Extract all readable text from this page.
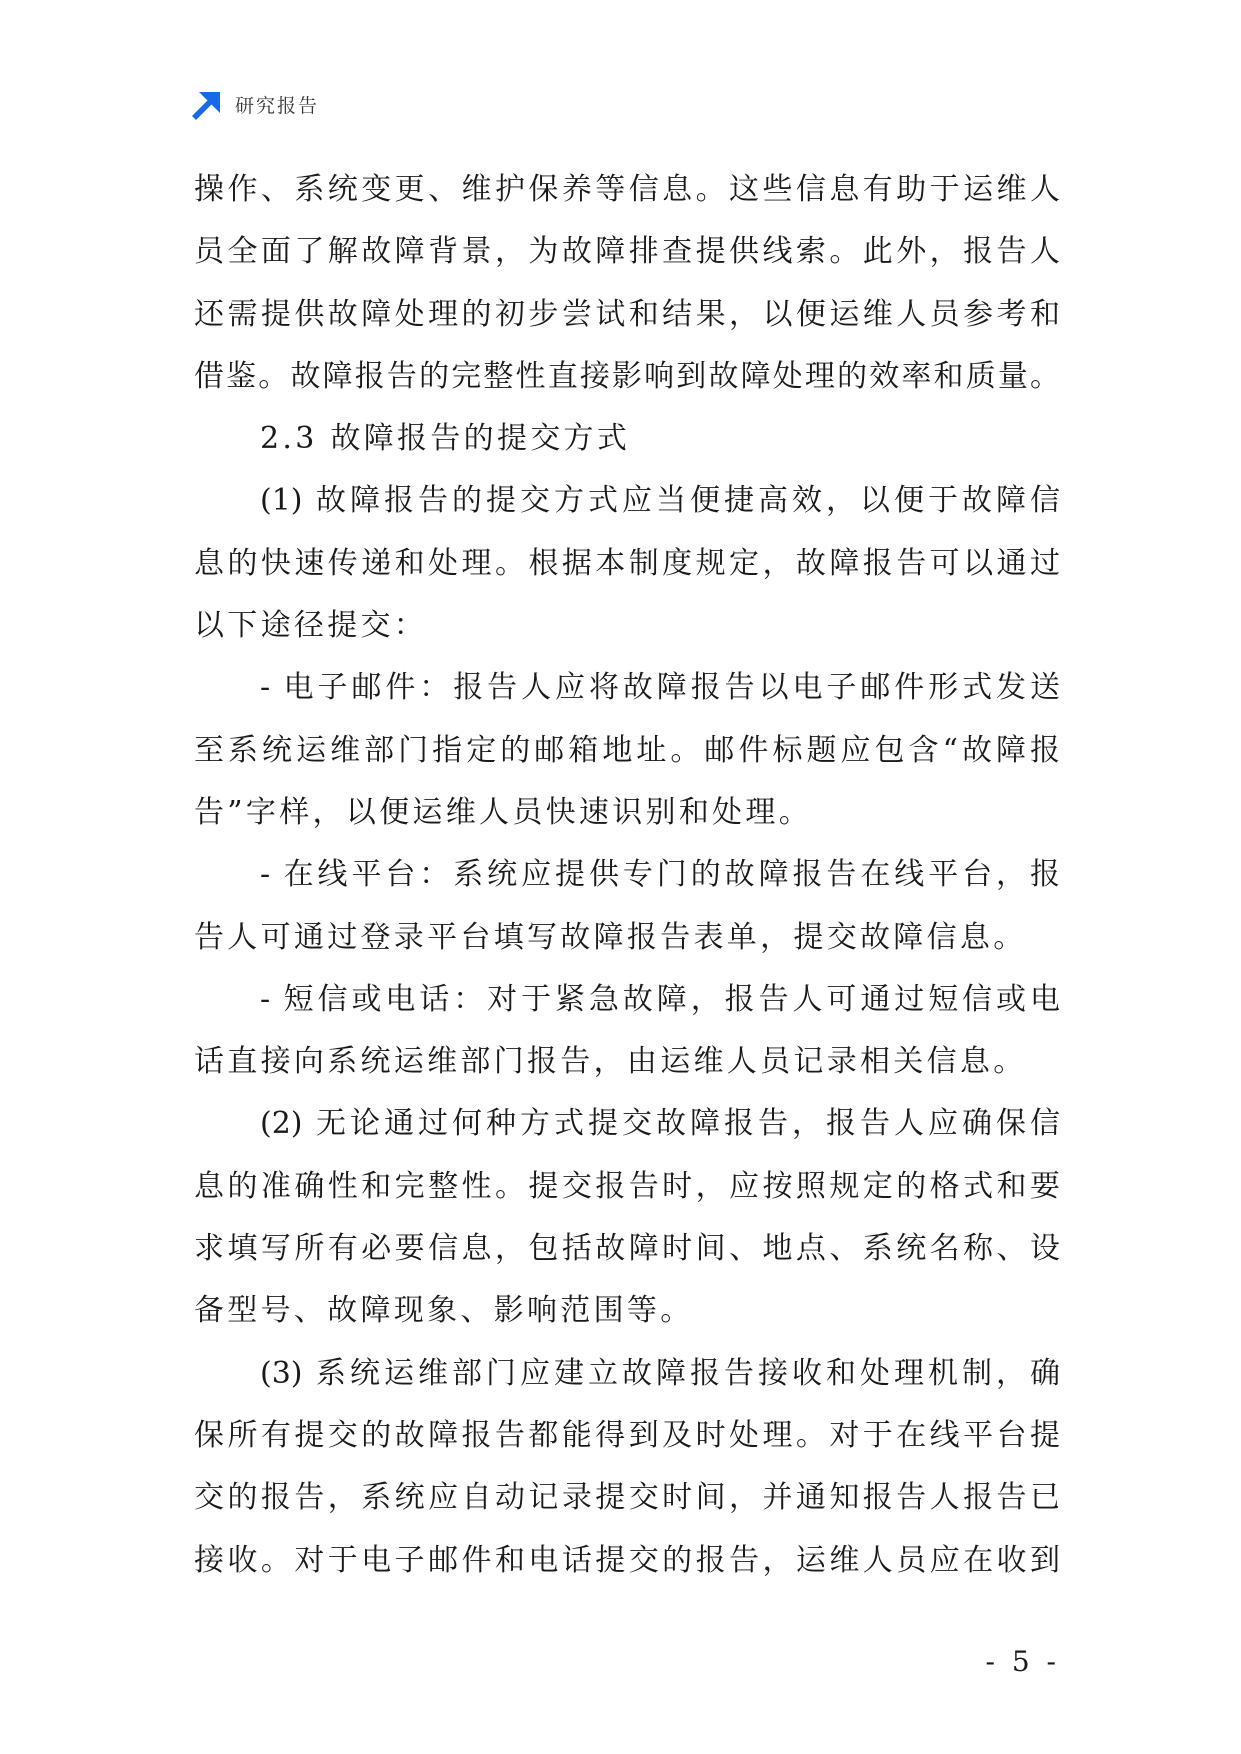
研究报告
操作、系统变更、维护保养等信息。这些信息有助于运维人
员全面了解故障背景，为故障排查提供线索。此外，报告人
还需提供故障处理的初步尝试和结果，以便运维人员参考和
借鉴。故障报告的完整性直接影响到故障处理的效率和质量。
2.3 故障报告的提交方式
(1) 故障报告的提交方式应当便捷高效，以便于故障信
息的快速传递和处理。根据本制度规定，故障报告可以通过
以下途径提交：
- 电子邮件：报告人应将故障报告以电子邮件形式发送
至系统运维部门指定的邮箱地址。邮件标题应包含“故障报
告”字样，以便运维人员快速识别和处理。
- 在线平台：系统应提供专门的故障报告在线平台，报
告人可通过登录平台填写故障报告表单，提交故障信息。
- 短信或电话：对于紧急故障，报告人可通过短信或电
话直接向系统运维部门报告，由运维人员记录相关信息。
(2) 无论通过何种方式提交故障报告，报告人应确保信
息的准确性和完整性。提交报告时，应按照规定的格式和要
求填写所有必要信息，包括故障时间、地点、系统名称、设
备型号、故障现象、影响范围等。
(3) 系统运维部门应建立故障报告接收和处理机制，确
保所有提交的故障报告都能得到及时处理。对于在线平台提
交的报告，系统应自动记录提交时间，并通知报告人报告已
接收。对于电子邮件和电话提交的报告，运维人员应在收到
- 5 -
